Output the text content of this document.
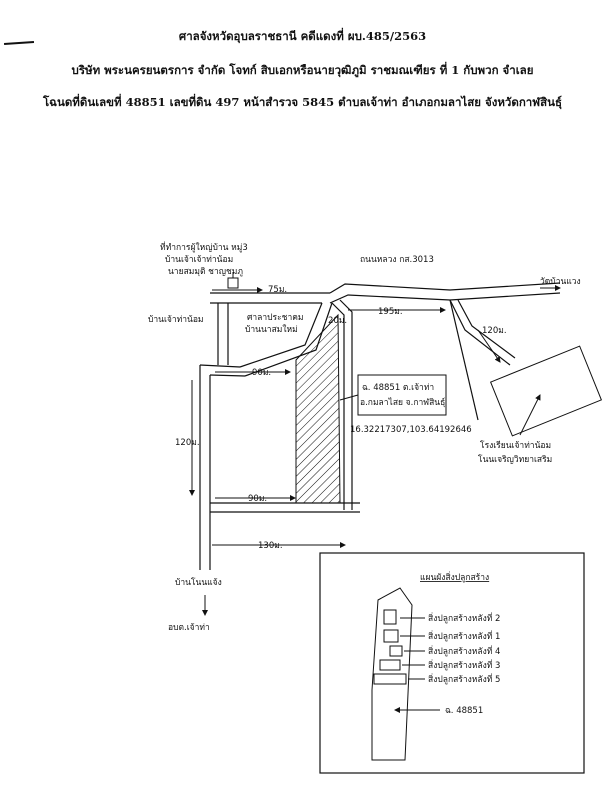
ศาลจังหวัดอุบลราชธานี คดีแดงที่ ผบ.485/2563
บริษัท พระนครยนตรการ จำกัด โจทก์ สิบเอกหรือนายวุฒิภูมิ ราชมณเฑียร ที่ 1 กับพวก จำเลย
โฉนดที่ดินเลขที่ 48851 เลขที่ดิน 497 หน้าสำรวจ 5845 ตำบลเจ้าท่า อำเภอกมลาไสย จังหวัดกาฬสินธุ์
ที่ทำการผู้ใหญ่บ้าน หมู่3
บ้านเจ้าเจ้าท่าน้อม
นายสมมุติ ชาญชมภู
ถนนหลวง กส.3013
วัดบ้านแวง
บ้านเจ้าท่าน้อม	ศาลาประชาคม
บ้านนาสมใหม่
75ม.
195ม.
20ม.
90ม.
120ม.
120ม.
90ม.
130ม.
ฉ. 48851 ต.เจ้าท่า
อ.กมลาไสย จ.กาฬสินธุ์
16.32217307,103.64192646
โรงเรียนเจ้าท่าน้อม
โนนเจริญวิทยาเสริม
บ้านโนนแจ้ง
อบต.เจ้าท่า
แผนผังสิ่งปลูกสร้าง
สิ่งปลูกสร้างหลังที่ 2
สิ่งปลูกสร้างหลังที่ 1
สิ่งปลูกสร้างหลังที่ 4
สิ่งปลูกสร้างหลังที่ 3
สิ่งปลูกสร้างหลังที่ 5
ฉ. 48851
